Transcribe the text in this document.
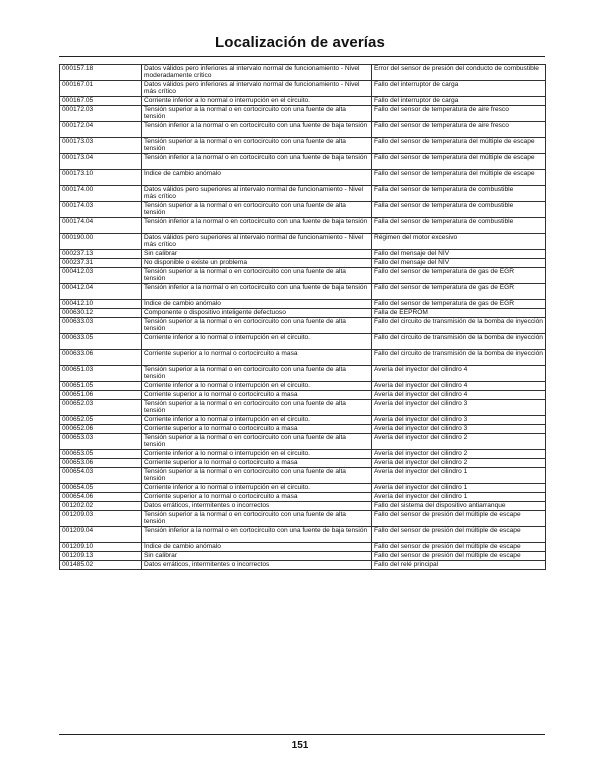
Localización de averías
000157.18	Datos válidos pero inferiores al intervalo normal de funcionamiento - Nivel moderadamente crítico	Error del sensor de presión del conducto de combustible
000167.01	Datos válidos pero inferiores al intervalo normal de funcionamiento - Nivel más crítico	Fallo del interruptor de carga
000167.05	Corriente inferior a lo normal o interrupción en el circuito.	Fallo del interruptor de carga
000172.03	Tensión superior a la normal o en cortocircuito con una fuente de alta tensión	Fallo del sensor de temperatura de aire fresco
000172.04	Tensión inferior a la normal o en cortocircuito con una fuente de baja tensión	Fallo del sensor de temperatura de aire fresco
000173.03	Tensión superior a la normal o en cortocircuito con una fuente de alta tensión	Fallo del sensor de temperatura del múltiple de escape
000173.04	Tensión inferior a la normal o en cortocircuito con una fuente de baja tensión	Fallo del sensor de temperatura del múltiple de escape
000173.10	Índice de cambio anómalo	Fallo del sensor de temperatura del múltiple de escape
000174.00	Datos válidos pero superiores al intervalo normal de funcionamiento - Nivel más crítico	Falla del sensor de temperatura de combustible
000174.03	Tensión superior a la normal o en cortocircuito con una fuente de alta tensión	Falla del sensor de temperatura de combustible
000174.04	Tensión inferior a la normal o en cortocircuito con una fuente de baja tensión	Falla del sensor de temperatura de combustible
000190.00	Datos válidos pero superiores al intervalo normal de funcionamiento - Nivel más crítico	Régimen del motor excesivo
000237.13	Sin calibrar	Fallo del mensaje del NIV
000237.31	No disponible o existe un problema	Fallo del mensaje del NIV
000412.03	Tensión superior a la normal o en cortocircuito con una fuente de alta tensión	Fallo del sensor de temperatura de gas de EGR
000412.04	Tensión inferior a la normal o en cortocircuito con una fuente de baja tensión	Fallo del sensor de temperatura de gas de EGR
000412.10	Índice de cambio anómalo	Fallo del sensor de temperatura de gas de EGR
000630.12	Componente o dispositivo inteligente defectuoso	Falla de EEPROM
000633.03	Tensión superior a la normal o en cortocircuito con una fuente de alta tensión	Fallo del circuito de transmisión de la bomba de inyección
000633.05	Corriente inferior a lo normal o interrupción en el circuito.	Fallo del circuito de transmisión de la bomba de inyección
000633.06	Corriente superior a lo normal o cortocircuito a masa	Fallo del circuito de transmisión de la bomba de inyección
000651.03	Tensión superior a la normal o en cortocircuito con una fuente de alta tensión	Avería del inyector del cilindro 4
000651.05	Corriente inferior a lo normal o interrupción en el circuito.	Avería del inyector del cilindro 4
000651.06	Corriente superior a lo normal o cortocircuito a masa	Avería del inyector del cilindro 4
000652.03	Tensión superior a la normal o en cortocircuito con una fuente de alta tensión	Avería del inyector del cilindro 3
000652.05	Corriente inferior a lo normal o interrupción en el circuito.	Avería del inyector del cilindro 3
000652.06	Corriente superior a lo normal o cortocircuito a masa	Avería del inyector del cilindro 3
000653.03	Tensión superior a la normal o en cortocircuito con una fuente de alta tensión	Avería del inyector del cilindro 2
000653.05	Corriente inferior a lo normal o interrupción en el circuito.	Avería del inyector del cilindro 2
000653.06	Corriente superior a lo normal o cortocircuito a masa	Avería del inyector del cilindro 2
000654.03	Tensión superior a la normal o en cortocircuito con una fuente de alta tensión	Avería del inyector del cilindro 1
000654.05	Corriente inferior a lo normal o interrupción en el circuito.	Avería del inyector del cilindro 1
000654.06	Corriente superior a lo normal o cortocircuito a masa	Avería del inyector del cilindro 1
001202.02	Datos erráticos, intermitentes o incorrectos	Fallo del sistema del dispositivo antiarranque
001209.03	Tensión superior a la normal o en cortocircuito con una fuente de alta tensión	Fallo del sensor de presión del múltiple de escape
001209.04	Tensión inferior a la normal o en cortocircuito con una fuente de baja tensión	Fallo del sensor de presión del múltiple de escape
001209.10	Índice de cambio anómalo	Fallo del sensor de presión del múltiple de escape
001209.13	Sin calibrar	Fallo del sensor de presión del múltiple de escape
001485.02	Datos erráticos, intermitentes o incorrectos	Fallo del relé principal
151
